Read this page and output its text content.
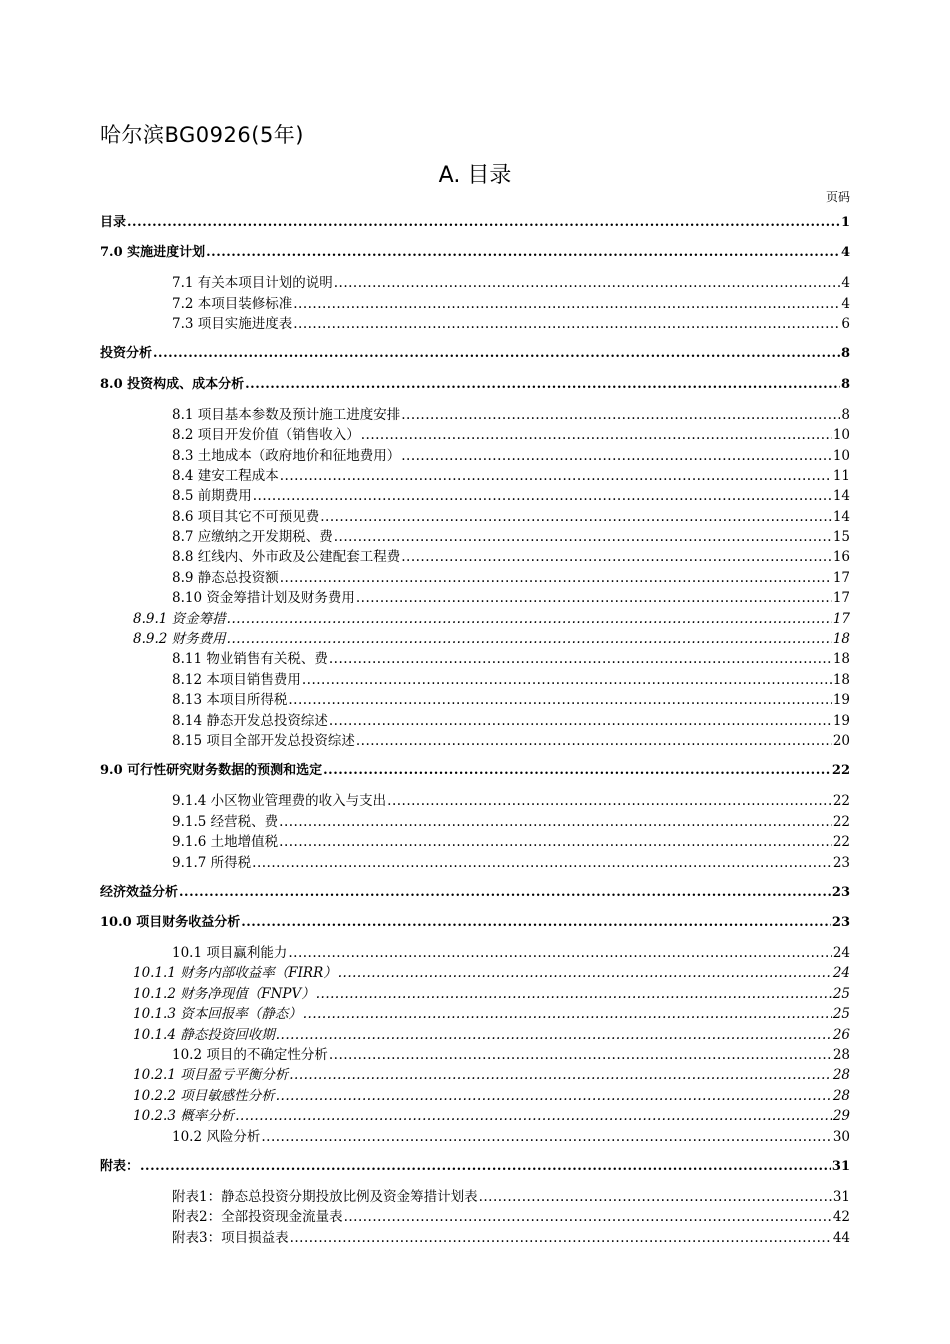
哈尔滨BG0926(5年)
A. 目录
页码
目录 .....	1
7.0 实施进度计划 .....	4
7.1 有关本项目计划的说明 .....	4
7.2 本项目装修标准 .....	4
7.3 项目实施进度表 .....	6
投资分析 .....	8
8.0 投资构成、成本分析 .....	8
8.1 项目基本参数及预计施工进度安排 .....	8
8.2 项目开发价值（销售收入） .....	10
8.3 土地成本（政府地价和征地费用） .....	10
8.4 建安工程成本 .....	11
8.5 前期费用 .....	14
8.6 项目其它不可预见费 .....	14
8.7 应缴纳之开发期税、费 .....	15
8.8 红线内、外市政及公建配套工程费 .....	16
8.9 静态总投资额 .....	17
8.10 资金筹措计划及财务费用 .....	17
8.9.1 资金筹措 .....	17
8.9.2 财务费用 .....	18
8.11 物业销售有关税、费 .....	18
8.12 本项目销售费用 .....	18
8.13 本项目所得税 .....	19
8.14 静态开发总投资综述 .....	19
8.15 项目全部开发总投资综述 .....	20
9.0 可行性研究财务数据的预测和选定 .....	22
9.1.4 小区物业管理费的收入与支出 .....	22
9.1.5 经营税、费 .....	22
9.1.6 土地增值税 .....	22
9.1.7 所得税 .....	23
经济效益分析 .....	23
10.0 项目财务收益分析 .....	23
10.1 项目赢利能力 .....	24
10.1.1 财务内部收益率（FIRR） .....	24
10.1.2 财务净现值（FNPV） .....	25
10.1.3 资本回报率（静态） .....	25
10.1.4 静态投资回收期 .....	26
10.2 项目的不确定性分析 .....	28
10.2.1 项目盈亏平衡分析 .....	28
10.2.2 项目敏感性分析 .....	28
10.2.3 概率分析 .....	29
10.2 风险分析 .....	30
附表： .....	31
附表1：静态总投资分期投放比例及资金筹措计划表 .....	31
附表2：全部投资现金流量表 .....	42
附表3：项目损益表 .....	44
